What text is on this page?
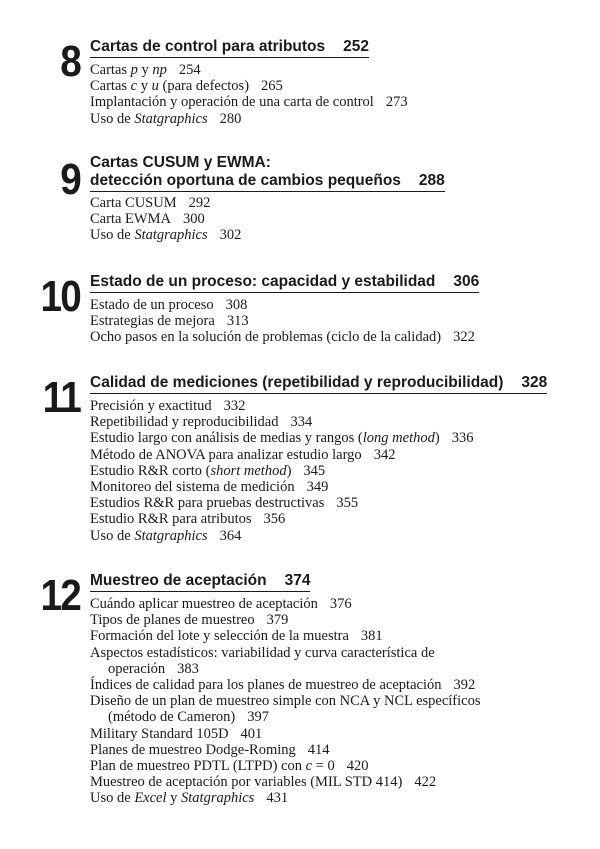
8 Cartas de control para atributos 252
Cartas p y np 254
Cartas c y u (para defectos) 265
Implantación y operación de una carta de control 273
Uso de Statgraphics 280
9 Cartas CUSUM y EWMA:
detección oportuna de cambios pequeños 288
Carta CUSUM 292
Carta EWMA 300
Uso de Statgraphics 302
10 Estado de un proceso: capacidad y estabilidad 306
Estado de un proceso 308
Estrategias de mejora 313
Ocho pasos en la solución de problemas (ciclo de la calidad) 322
11 Calidad de mediciones (repetibilidad y reproducibilidad) 328
Precisión y exactitud 332
Repetibilidad y reproducibilidad 334
Estudio largo con análisis de medias y rangos (long method) 336
Método de ANOVA para analizar estudio largo 342
Estudio R&R corto (short method) 345
Monitoreo del sistema de medición 349
Estudios R&R para pruebas destructivas 355
Estudio R&R para atributos 356
Uso de Statgraphics 364
12 Muestreo de aceptación 374
Cuándo aplicar muestreo de aceptación 376
Tipos de planes de muestreo 379
Formación del lote y selección de la muestra 381
Aspectos estadísticos: variabilidad y curva característica de
operación 383
Índices de calidad para los planes de muestreo de aceptación 392
Diseño de un plan de muestreo simple con NCA y NCL específicos
(método de Cameron) 397
Military Standard 105D 401
Planes de muestreo Dodge-Roming 414
Plan de muestreo PDTL (LTPD) con c = 0 420
Muestreo de aceptación por variables (MIL STD 414) 422
Uso de Excel y Statgraphics 431
